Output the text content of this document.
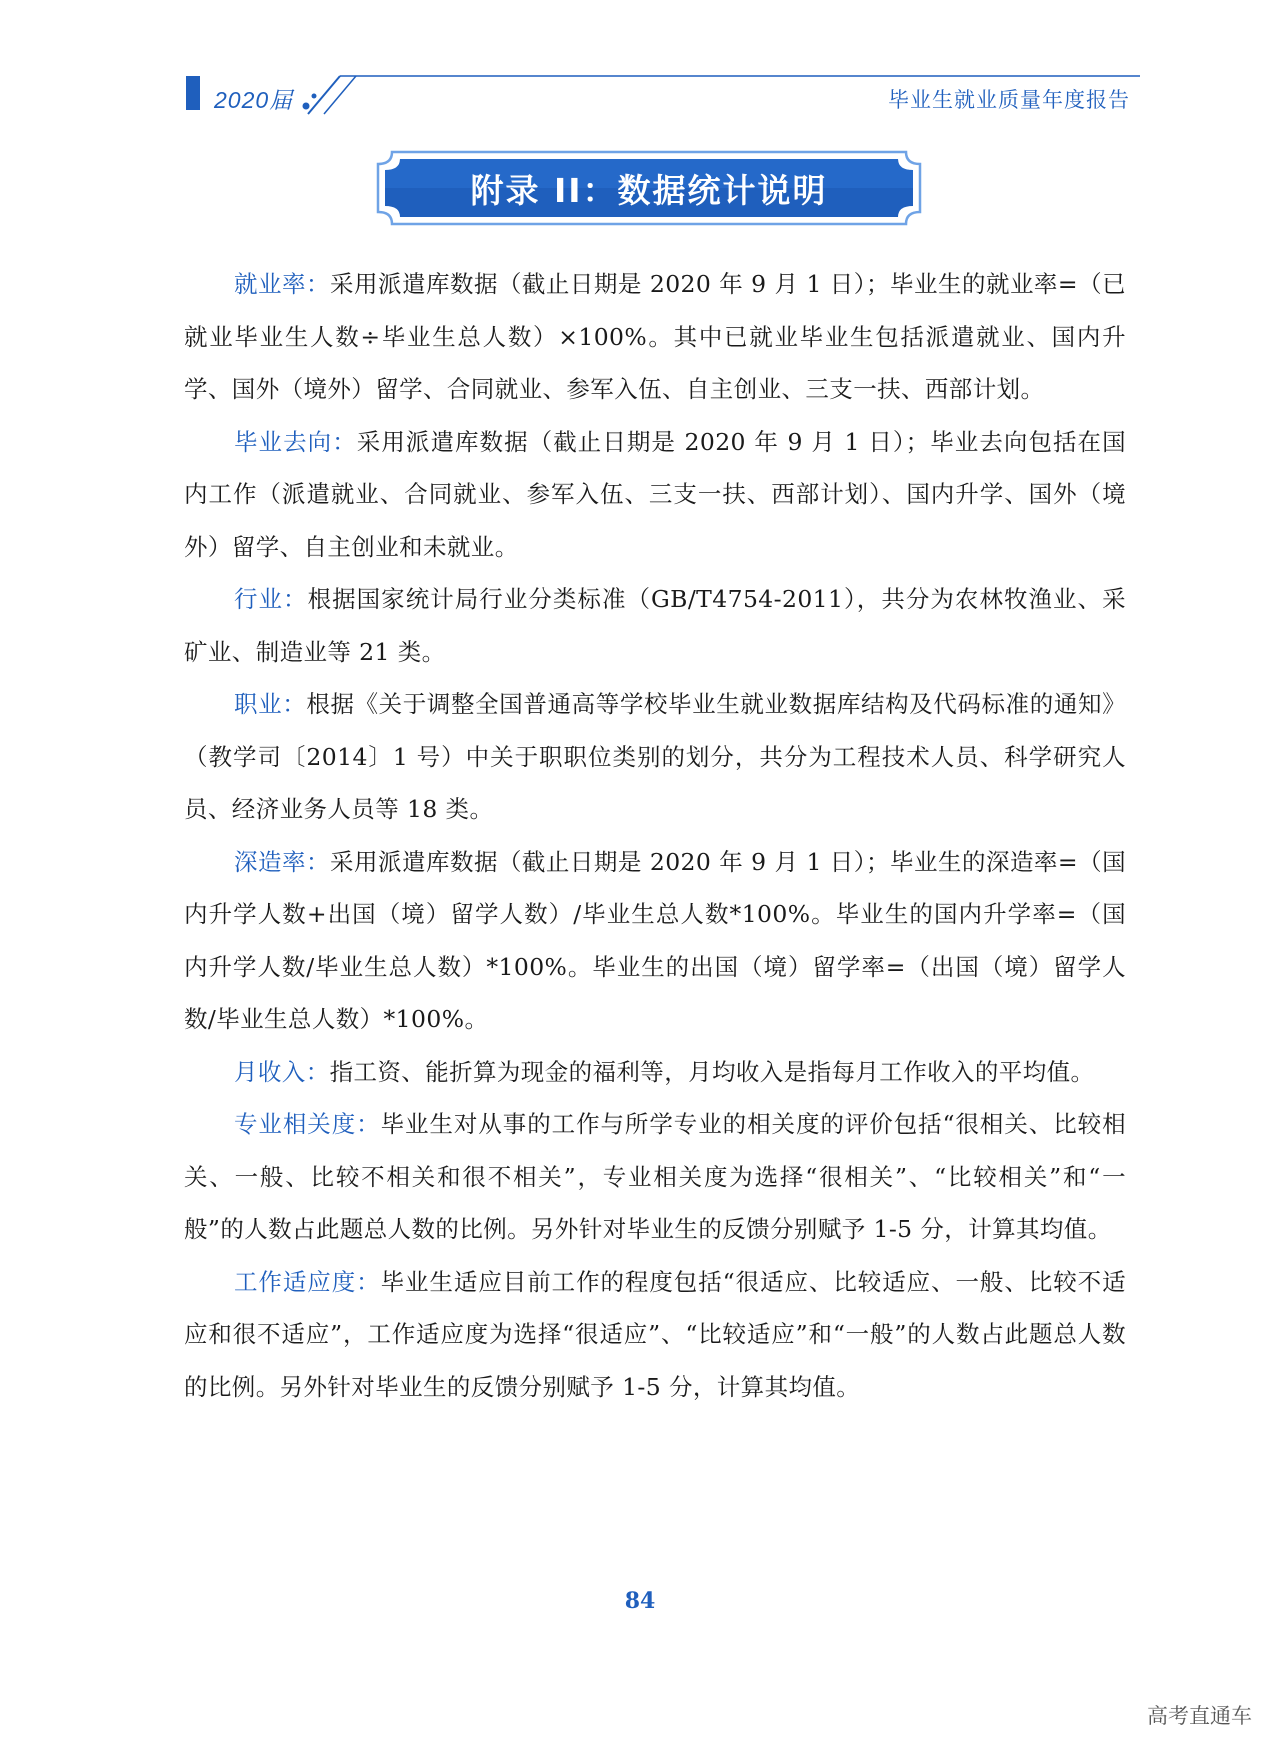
2020届	毕业生就业质量年度报告
附录 II：数据统计说明

就业率：采用派遣库数据（截止日期是 2020 年 9 月 1 日）；毕业生的就业率=（已就业毕业生人数÷毕业生总人数）×100%。其中已就业毕业生包括派遣就业、国内升学、国外（境外）留学、合同就业、参军入伍、自主创业、三支一扶、西部计划。

毕业去向：采用派遣库数据（截止日期是 2020 年 9 月 1 日）；毕业去向包括在国内工作（派遣就业、合同就业、参军入伍、三支一扶、西部计划）、国内升学、国外（境外）留学、自主创业和未就业。

行业：根据国家统计局行业分类标准（GB/T4754-2011），共分为农林牧渔业、采矿业、制造业等 21 类。

职业：根据《关于调整全国普通高等学校毕业生就业数据库结构及代码标准的通知》（教学司〔2014〕1 号）中关于职职位类别的划分，共分为工程技术人员、科学研究人员、经济业务人员等 18 类。

深造率：采用派遣库数据（截止日期是 2020 年 9 月 1 日）；毕业生的深造率=（国内升学人数+出国（境）留学人数）/毕业生总人数*100%。毕业生的国内升学率=（国内升学人数/毕业生总人数）*100%。毕业生的出国（境）留学率=（出国（境）留学人数/毕业生总人数）*100%。

月收入：指工资、能折算为现金的福利等，月均收入是指每月工作收入的平均值。

专业相关度：毕业生对从事的工作与所学专业的相关度的评价包括“很相关、比较相关、一般、比较不相关和很不相关”，专业相关度为选择“很相关”、“比较相关”和“一般”的人数占此题总人数的比例。另外针对毕业生的反馈分别赋予 1-5 分，计算其均值。

工作适应度：毕业生适应目前工作的程度包括“很适应、比较适应、一般、比较不适应和很不适应”，工作适应度为选择“很适应”、“比较适应”和“一般”的人数占此题总人数的比例。另外针对毕业生的反馈分别赋予 1-5 分，计算其均值。

84
高考直通车
